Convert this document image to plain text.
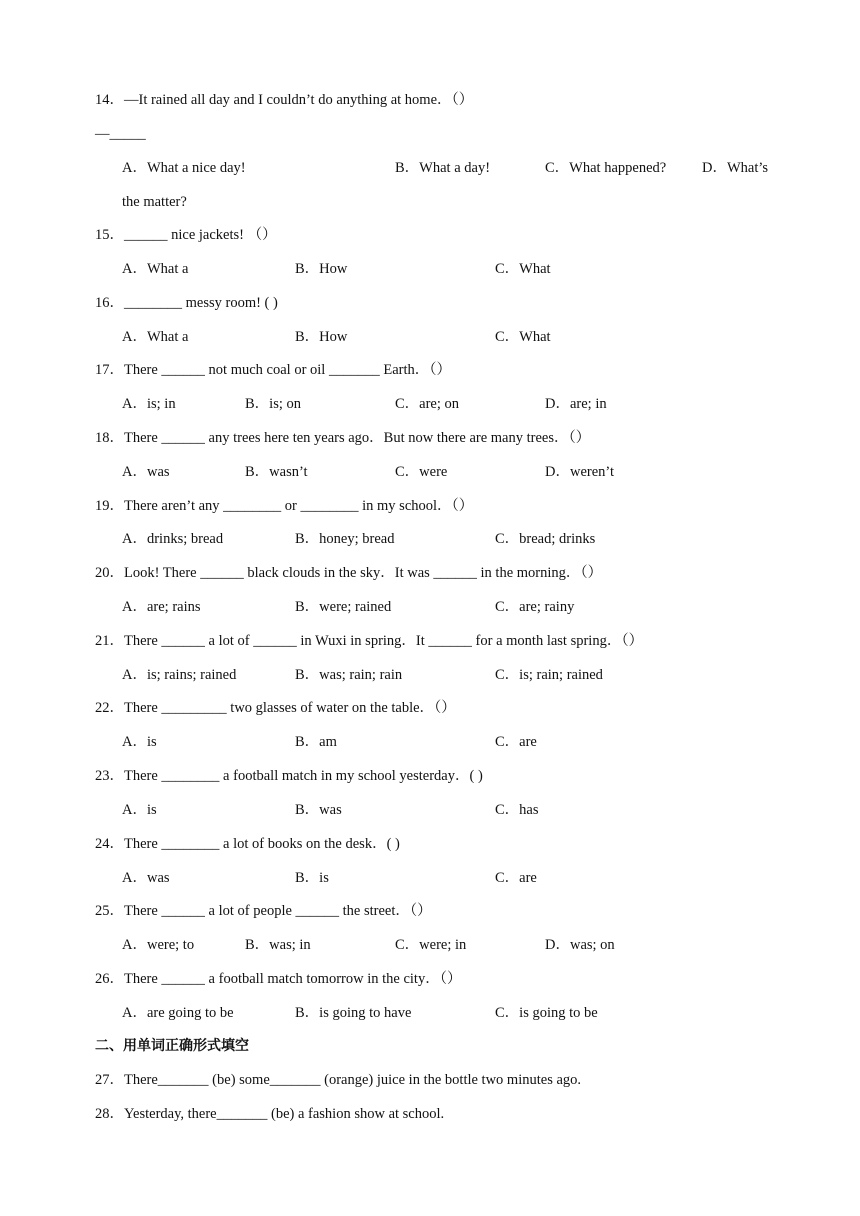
14．—It rained all day and I couldn’t do anything at home．（）
—_____
A．What a nice day!	B．What a day!	C．What happened? D．What’s
the matter?
15．______ nice jackets! （）
A．What a	B．How	C．What
16．________ messy room! ( )
A．What a	B．How	C．What
17．There ______ not much coal or oil _______ Earth．（）
A．is; in	B．is; on	C．are; on	D．are; in
18．There ______ any trees here ten years ago．But now there are many trees．（）
A．was	B．wasn’t	C．were	D．weren’t
19．There aren’t any ________ or ________ in my school．（）
A．drinks; bread	B．honey; bread	C．bread; drinks
20．Look! There ______ black clouds in the sky．It was ______ in the morning．（）
A．are; rains	B．were; rained	C．are; rainy
21．There ______ a lot of ______ in Wuxi in spring．It ______ for a month last spring．（）
A．is; rains; rained	B．was; rain; rain	C．is; rain; rained
22．There _________ two glasses of water on the table．（）
A．is	B．am	C．are
23．There ________ a football match in my school yesterday．( )
A．is	B．was	C．has
24．There ________ a lot of books on the desk．( )
A．was	B．is	C．are
25．There ______ a lot of people ______ the street．（）
A．were; to	B．was; in	C．were; in	D．was; on
26．There ______ a football match tomorrow in the city．（）
A．are going to be	B．is going to have	C．is going to be
二、用单词正确形式填空
27．There_______ (be) some_______ (orange) juice in the bottle two minutes ago.
28．Yesterday, there_______ (be) a fashion show at school.
